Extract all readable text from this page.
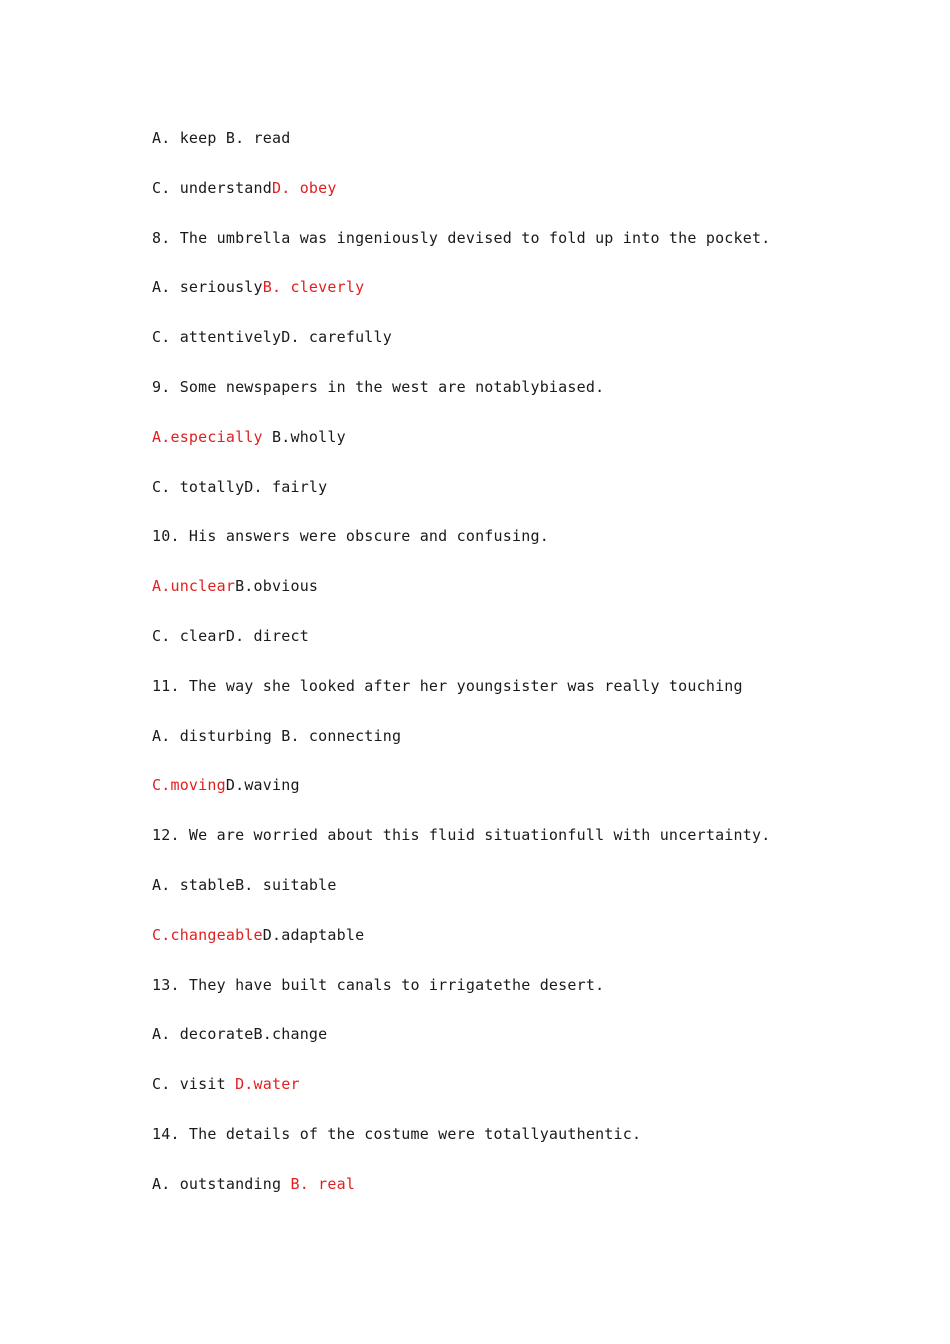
A. keep B. read
C. understandD. obey
8. The umbrella was ingeniously devised to fold up into the pocket.
A. seriouslyB. cleverly
C. attentivelyD. carefully
9. Some newspapers in the west are notablybiased.
A.especially B.wholly
C. totallyD. fairly
10. His answers were obscure and confusing.
A.unclearB.obvious
C. clearD. direct
11. The way she looked after her youngsister was really touching
A. disturbing B. connecting
C.movingD.waving
12. We are worried about this fluid situationfull with uncertainty.
A. stableB. suitable
C.changeableD.adaptable
13. They have built canals to irrigatethe desert.
A. decorateB.change
C. visit D.water
14. The details of the costume were totallyauthentic.
A. outstanding B. real
